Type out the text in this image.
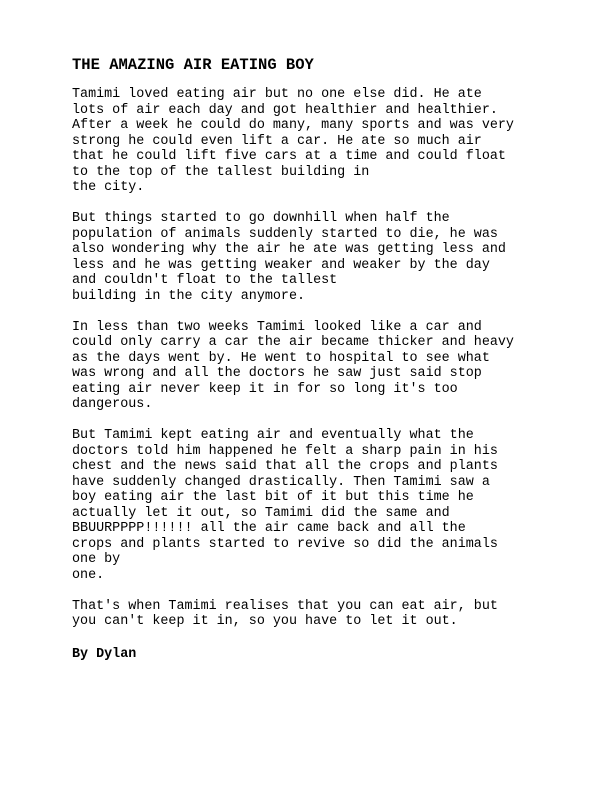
THE AMAZING AIR EATING BOY
Tamimi loved eating air but no one else did. He ate
lots of air each day and got healthier and healthier.
After a week he could do many, many sports and was very
strong he could even lift a car. He ate so much air
that he could lift five cars at a time and could float
to the top of the tallest building in
the city.
But things started to go downhill when half the
population of animals suddenly started to die, he was
also wondering why the air he ate was getting less and
less and he was getting weaker and weaker by the day
and couldn't float to the tallest
building in the city anymore.
In less than two weeks Tamimi looked like a car and
could only carry a car the air became thicker and heavy
as the days went by. He went to hospital to see what
was wrong and all the doctors he saw just said stop
eating air never keep it in for so long it's too
dangerous.
But Tamimi kept eating air and eventually what the
doctors told him happened he felt a sharp pain in his
chest and the news said that all the crops and plants
have suddenly changed drastically. Then Tamimi saw a
boy eating air the last bit of it but this time he
actually let it out, so Tamimi did the same and
BBUURPPPP!!!!!! all the air came back and all the
crops and plants started to revive so did the animals
one by
one.
That's when Tamimi realises that you can eat air, but
you can't keep it in, so you have to let it out.
By Dylan
